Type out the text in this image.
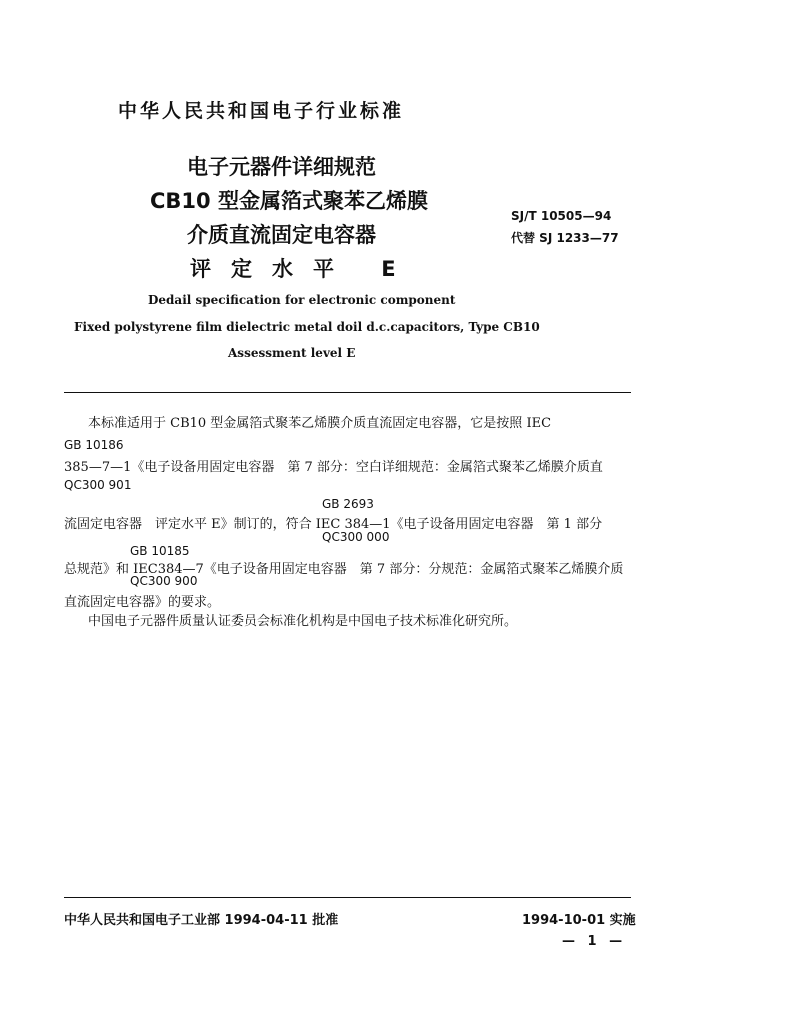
中华人民共和国电子行业标准
电子元器件详细规范
CB10 型金属箔式聚苯乙烯膜
介质直流固定电容器
评定水平 E
SJ/T 10505—94
代替 SJ 1233—77
Dedail specification for electronic component
Fixed polystyrene film dielectric metal doil d.c.capacitors, Type CB10
Assessment level E
本标准适用于 CB10 型金属箔式聚苯乙烯膜介质直流固定电容器，它是按照 IEC
GB 10186
385—7—1《电子设备用固定电容器　第 7 部分：空白详细规范：金属箔式聚苯乙烯膜介质直
QC300 901
GB 2693
流固定电容器　评定水平 E》制订的，符合 IEC 384—1《电子设备用固定电容器　第 1 部分
QC300 000
GB 10185
总规范》和 IEC384—7《电子设备用固定电容器　第 7 部分：分规范：金属箔式聚苯乙烯膜介质
QC300 900
直流固定电容器》的要求。
中国电子元器件质量认证委员会标准化机构是中国电子技术标准化研究所。
中华人民共和国电子工业部 1994-04-11 批准	1994-10-01 实施
— 1 —
